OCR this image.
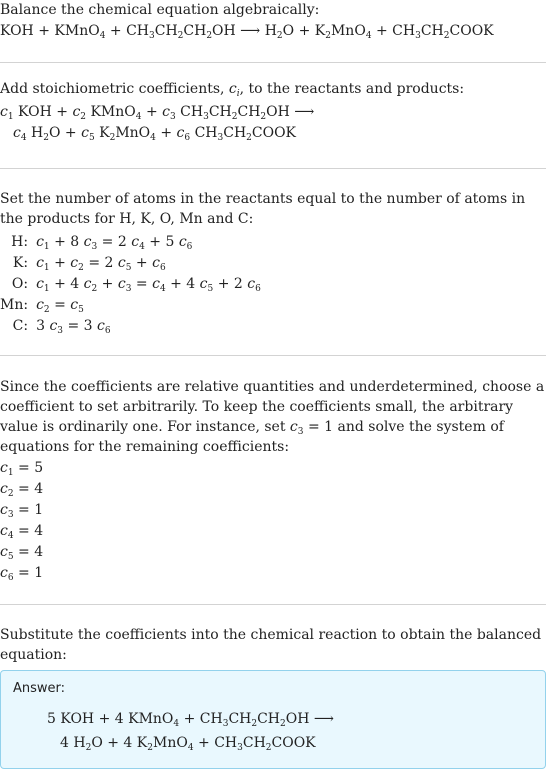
Balance the chemical equation algebraically:

KOH + KMnO$_4$ + $CH_3CH_2CH_2OH$ ⟶ $H_2O + K_2MnO_4$ + $CH_3CH_2COOK$

Add stoichiometric coefficients, $c_i$, to the reactants and products:

$c_1$ KOH + $c_2$ KMnO$_4$ + $c_3$ $CH_3CH_2CH_2OH$ ⟶
$c_4$ $H_2O + c_5$ $K_2MnO_4 + c_6$ $CH_3CH_2COOK$

Set the number of atoms in the reactants equal to the number of atoms in the products for H, K, O, Mn and C:

H:	$c_1 + 8$ $c_3 = 2$ $c_4 + 5$ $c_6$
K:	$c_1 + c_2 = 2$ $c_5 + c_6$
O:	$c_1 + 4$ $c_2 + c_3 = c_4 + 4$ $c_5 + 2$ $c_6$
Mn:	$c_2 = c_5$
C:	3 $c_3 = 3$ $c_6$

Since the coefficients are relative quantities and underdetermined, choose a coefficient to set arbitrarily. To keep the coefficients small, the arbitrary value is ordinarily one. For instance, set $c_3 = 1$ and solve the system of equations for the remaining coefficients:

$c_1 = 5$
$c_2 = 4$
$c_3 = 1$
$c_4 = 4$
$c_5 = 4$
$c_6 = 1$

Substitute the coefficients into the chemical reaction to obtain the balanced equation:

Answer:
5 KOH + 4 KMnO$_4$ + $CH_3CH_2CH_2OH$ ⟶
4 $H_2O + 4$ $K_2MnO_4$ + $CH_3CH_2COOK$
